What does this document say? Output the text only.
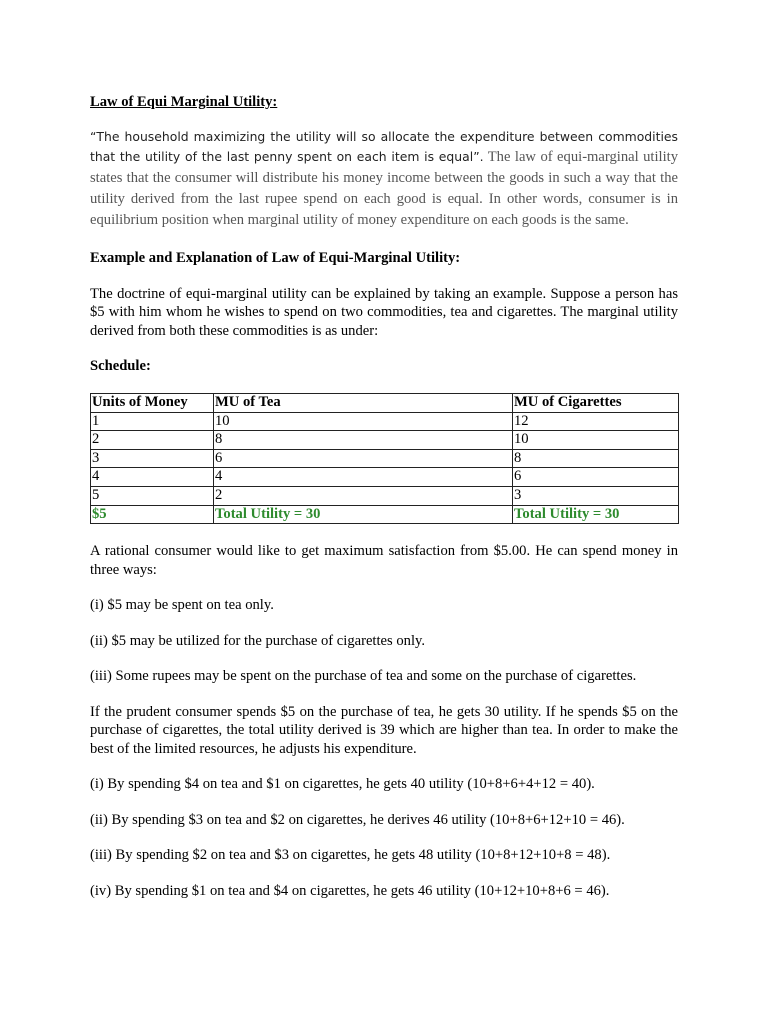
Law of Equi Marginal Utility:

“The household maximizing the utility will so allocate the expenditure between commodities that the utility of the last penny spent on each item is equal”. The law of equi-marginal utility states that the consumer will distribute his money income between the goods in such a way that the utility derived from the last rupee spend on each good is equal. In other words, consumer is in equilibrium position when marginal utility of money expenditure on each goods is the same.

Example and Explanation of Law of Equi-Marginal Utility:

The doctrine of equi-marginal utility can be explained by taking an example. Suppose a person has $5 with him whom he wishes to spend on two commodities, tea and cigarettes. The marginal utility derived from both these commodities is as under:

Schedule:

Units of Money	MU of Tea	MU of Cigarettes
1	10	12
2	8	10
3	6	8
4	4	6
5	2	3
$5	Total Utility = 30	Total Utility = 30

A rational consumer would like to get maximum satisfaction from $5.00. He can spend money in three ways:

(i) $5 may be spent on tea only.

(ii) $5 may be utilized for the purchase of cigarettes only.

(iii) Some rupees may be spent on the purchase of tea and some on the purchase of cigarettes.

If the prudent consumer spends $5 on the purchase of tea, he gets 30 utility. If he spends $5 on the purchase of cigarettes, the total utility derived is 39 which are higher than tea. In order to make the best of the limited resources, he adjusts his expenditure.

(i) By spending $4 on tea and $1 on cigarettes, he gets 40 utility (10+8+6+4+12 = 40).

(ii) By spending $3 on tea and $2 on cigarettes, he derives 46 utility (10+8+6+12+10 = 46).

(iii) By spending $2 on tea and $3 on cigarettes, he gets 48 utility (10+8+12+10+8 = 48).

(iv) By spending $1 on tea and $4 on cigarettes, he gets 46 utility (10+12+10+8+6 = 46).
